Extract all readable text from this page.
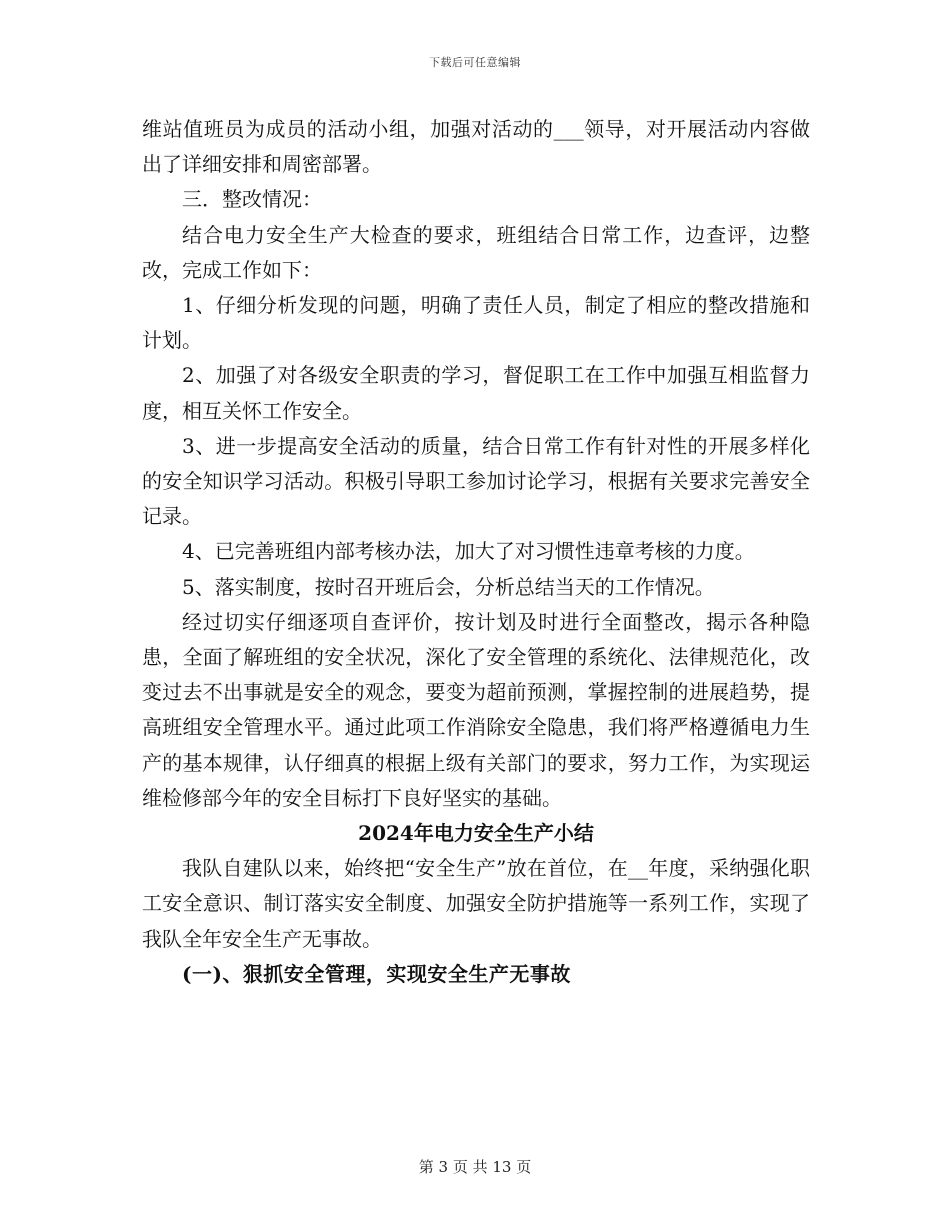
下载后可任意编辑

维站值班员为成员的活动小组，加强对活动的___领导，对开展活动内容做出了详细安排和周密部署。

三．整改情况：

结合电力安全生产大检查的要求，班组结合日常工作，边查评，边整改，完成工作如下：

1、仔细分析发现的问题，明确了责任人员，制定了相应的整改措施和计划。

2、加强了对各级安全职责的学习，督促职工在工作中加强互相监督力度，相互关怀工作安全。

3、进一步提高安全活动的质量，结合日常工作有针对性的开展多样化的安全知识学习活动。积极引导职工参加讨论学习，根据有关要求完善安全记录。

4、已完善班组内部考核办法，加大了对习惯性违章考核的力度。

5、落实制度，按时召开班后会，分析总结当天的工作情况。

经过切实仔细逐项自查评价，按计划及时进行全面整改，揭示各种隐患，全面了解班组的安全状况，深化了安全管理的系统化、法律规范化，改变过去不出事就是安全的观念，要变为超前预测，掌握控制的进展趋势，提高班组安全管理水平。通过此项工作消除安全隐患，我们将严格遵循电力生产的基本规律，认仔细真的根据上级有关部门的要求，努力工作，为实现运维检修部今年的安全目标打下良好坚实的基础。

2024年电力安全生产小结

我队自建队以来，始终把“安全生产”放在首位，在__年度，采纳强化职工安全意识、制订落实安全制度、加强安全防护措施等一系列工作，实现了我队全年安全生产无事故。

(一)、狠抓安全管理，实现安全生产无事故

第 3 页 共 13 页
